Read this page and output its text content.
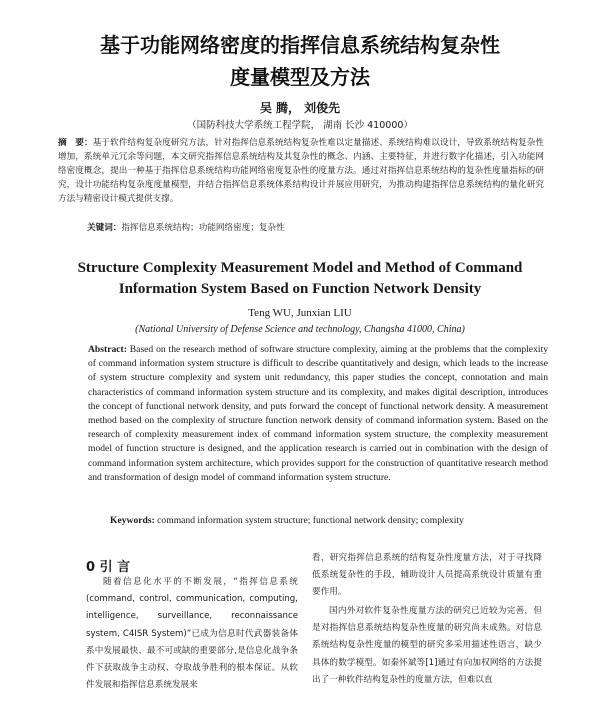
基于功能网络密度的指挥信息系统结构复杂性
度量模型及方法
吴 腾， 刘俊先
（国防科技大学系统工程学院， 湖南 长沙 410000）

摘　要：基于软件结构复杂度研究方法，针对指挥信息系统结构复杂性难以定量描述、系统结构难以设计，导致系统结构复杂性增加，系统单元冗余等问题，本文研究指挥信息系统结构及其复杂性的概念、内涵、主要特征，并进行数字化描述，引入功能网络密度概念，提出一种基于指挥信息系统结构功能网络密度复杂性的度量方法。通过对指挥信息系统结构的复杂性度量指标的研究，设计功能结构复杂度度量模型，并结合指挥信息系统体系结构设计并展应用研究，为推动构建指挥信息系统结构的量化研究方法与精密设计模式提供支撑。

关键词：指挥信息系统结构；功能网络密度；复杂性
Structure Complexity Measurement Model and Method of Command
Information System Based on Function Network Density
Teng WU, Junxian LIU
(National University of Defense Science and technology, Changsha 41000, China)

Abstract: Based on the research method of software structure complexity, aiming at the problems that the complexity of command information system structure is difficult to describe quantitatively and design, which leads to the increase of system structure complexity and system unit redundancy, this paper studies the concept, connotation and main characteristics of command information system structure and its complexity, and makes digital description, introduces the concept of functional network density, and puts forward the concept of functional network density. A measurement method based on the complexity of structure function network density of command information system. Based on the research of complexity measurement index of command information system structure, the complexity measurement model of function structure is designed, and the application research is carried out in combination with the design of command information system architecture, which provides support for the construction of quantitative research method and transformation of design model of command information system structure.

Keywords: command information system structure; functional network density; complexity
0 引 言

随着信息化水平的不断发展，“指挥信息系统(command, control, communication, computing, intelligence, surveillance, reconnaissance system, C4ISR System)”已成为信息时代武器装备体系中发展最快、最不可或缺的重要部分,是信息化战争条件下获取战争主动权、夺取战争胜利的根本保证。从软件发展和指挥信息系统发展来

看，研究指挥信息系统的结构复杂性度量方法，对于寻找降低系统复杂性的手段，辅助设计人员提高系统设计质量有重要作用。

国内外对软件复杂性度量方法的研究已近较为完善，但是对指挥信息系统结构复杂性度量的研究尚未成熟。对信息系统结构复杂性度量的模型的研究多采用描述性语言，缺少具体的数学模型。如秦怀斌等[1]通过有向加权网络的方法提出了一种软件结构复杂性的度量方法，但难以直
